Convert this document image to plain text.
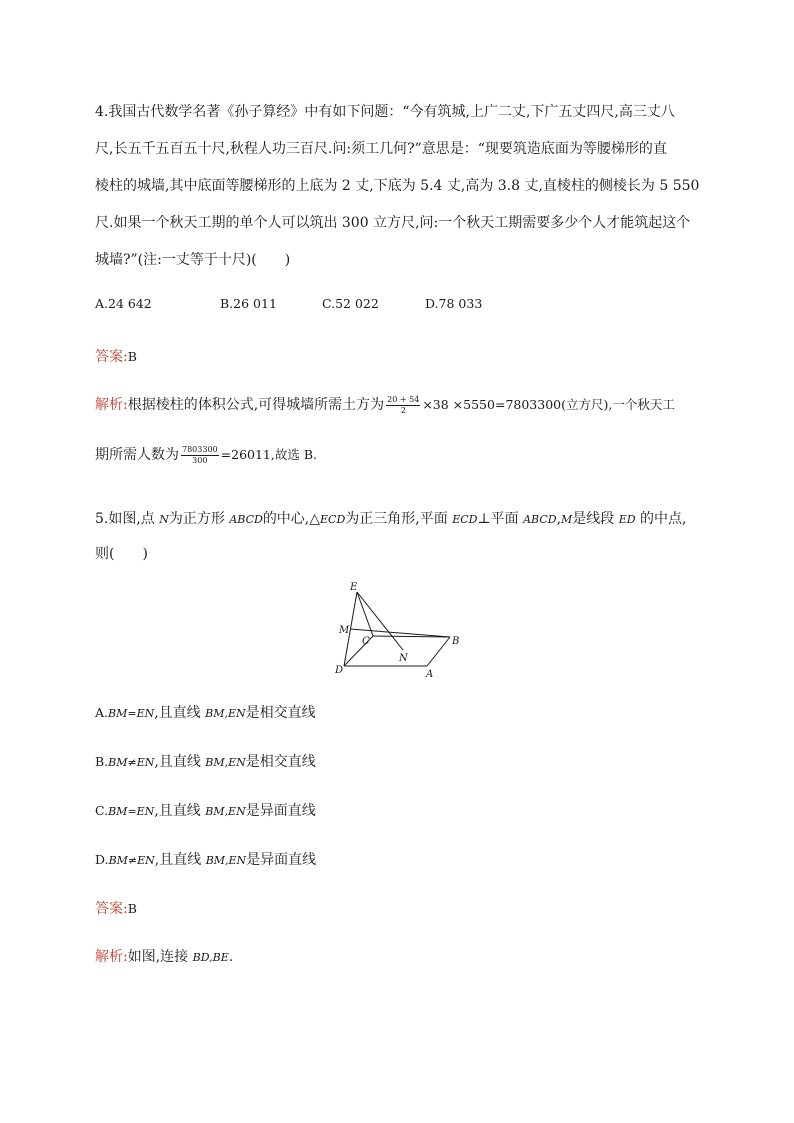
4.我国古代数学名著《孙子算经》中有如下问题：“今有筑城,上广二丈,下广五丈四尺,高三丈八
尺,长五千五百五十尺,秋程人功三百尺.问:须工几何?”意思是：“现要筑造底面为等腰梯形的直
棱柱的城墙,其中底面等腰梯形的上底为 2 丈,下底为 5.4 丈,高为 3.8 丈,直棱柱的侧棱长为 5 550
尺.如果一个秋天工期的单个人可以筑出 300 立方尺,问:一个秋天工期需要多少个人才能筑起这个
城墙?”(注:一丈等于十尺)(　　)
A.24 642	B.26 011	C.52 022	D.78 033
答案:B
解析:根据棱柱的体积公式,可得城墙所需土方为 $\frac{20 + 54}{2} \times 38 \times 5550=7803300$(立方尺),一个秋天工
期所需人数为 $\frac{7803300}{300} =26011$,故选 B.
5.如图,点 N为正方形 ABCD的中心,△ECD为正三角形,平面 ECD⊥平面 ABCD,M是线段 ED 的中点,
则(　　)
E
M
C
N
B
D	A
A.BM=EN,且直线 BM,EN是相交直线
B.BM≠EN,且直线 BM,EN是相交直线
C.BM=EN,且直线 BM,EN是异面直线
D.BM≠EN,且直线 BM,EN是异面直线
答案:B
解析:如图,连接 BD,BE.
